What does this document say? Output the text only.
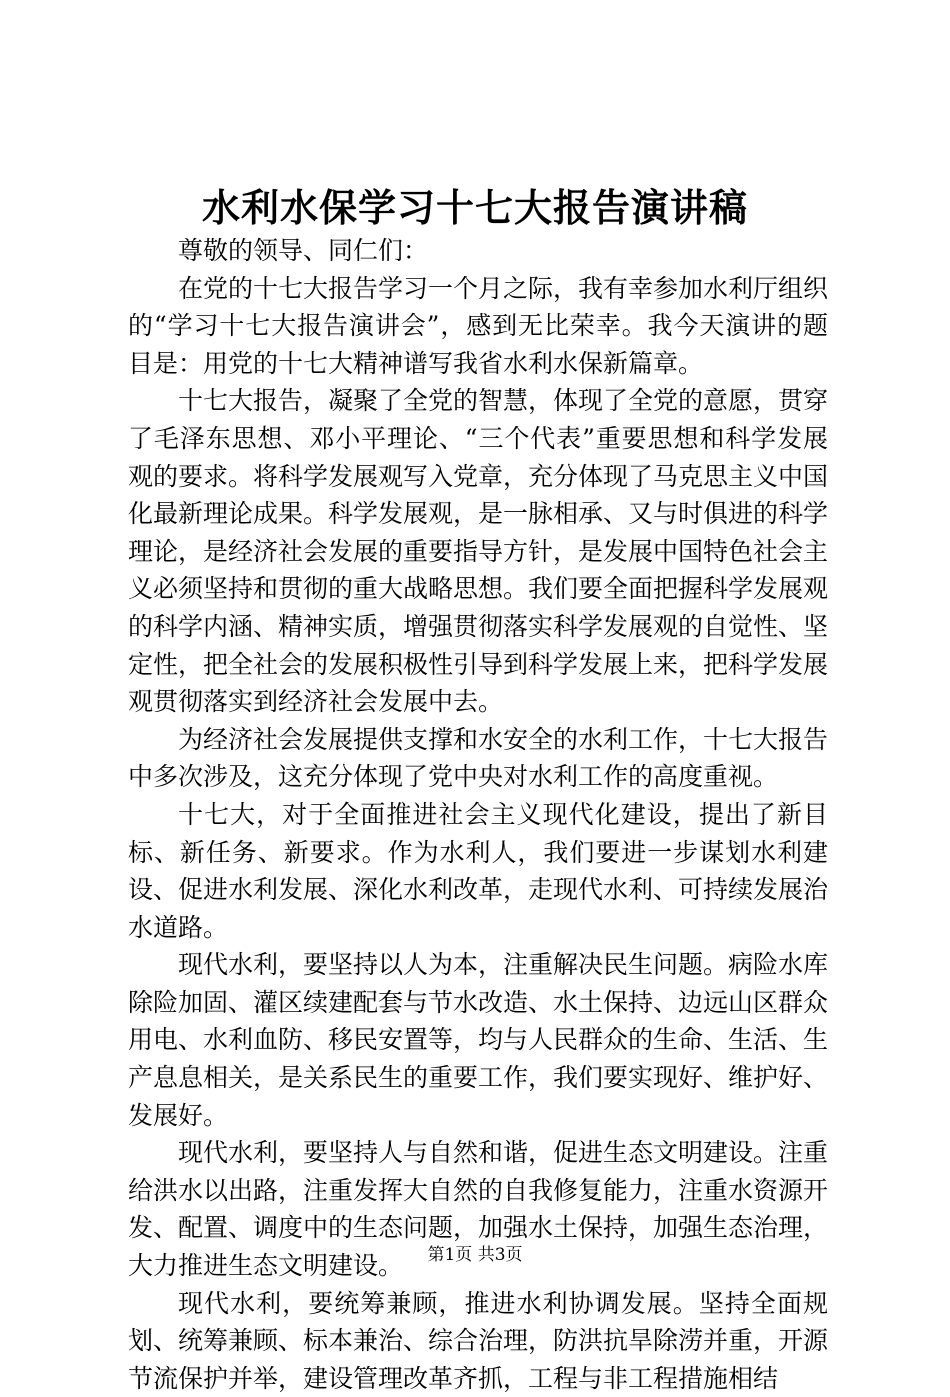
水利水保学习十七大报告演讲稿

尊敬的领导、同仁们：

在党的十七大报告学习一个月之际，我有幸参加水利厅组织的“学习十七大报告演讲会”，感到无比荣幸。我今天演讲的题目是：用党的十七大精神谱写我省水利水保新篇章。

十七大报告，凝聚了全党的智慧，体现了全党的意愿，贯穿了毛泽东思想、邓小平理论、“三个代表”重要思想和科学发展观的要求。将科学发展观写入党章，充分体现了马克思主义中国化最新理论成果。科学发展观，是一脉相承、又与时俱进的科学理论，是经济社会发展的重要指导方针，是发展中国特色社会主义必须坚持和贯彻的重大战略思想。我们要全面把握科学发展观的科学内涵、精神实质，增强贯彻落实科学发展观的自觉性、坚定性，把全社会的发展积极性引导到科学发展上来，把科学发展观贯彻落实到经济社会发展中去。

为经济社会发展提供支撑和水安全的水利工作，十七大报告中多次涉及，这充分体现了党中央对水利工作的高度重视。

十七大，对于全面推进社会主义现代化建设，提出了新目标、新任务、新要求。作为水利人，我们要进一步谋划水利建设、促进水利发展、深化水利改革，走现代水利、可持续发展治水道路。

现代水利，要坚持以人为本，注重解决民生问题。病险水库除险加固、灌区续建配套与节水改造、水土保持、边远山区群众用电、水利血防、移民安置等，均与人民群众的生命、生活、生产息息相关，是关系民生的重要工作，我们要实现好、维护好、发展好。

现代水利，要坚持人与自然和谐，促进生态文明建设。注重给洪水以出路，注重发挥大自然的自我修复能力，注重水资源开发、配置、调度中的生态问题，加强水土保持，加强生态治理，大力推进生态文明建设。

现代水利，要统筹兼顾，推进水利协调发展。坚持全面规划、统筹兼顾、标本兼治、综合治理，防洪抗旱除涝并重，开源节流保护并举，建设管理改革齐抓，工程与非工程措施相结

第1页 共3页
